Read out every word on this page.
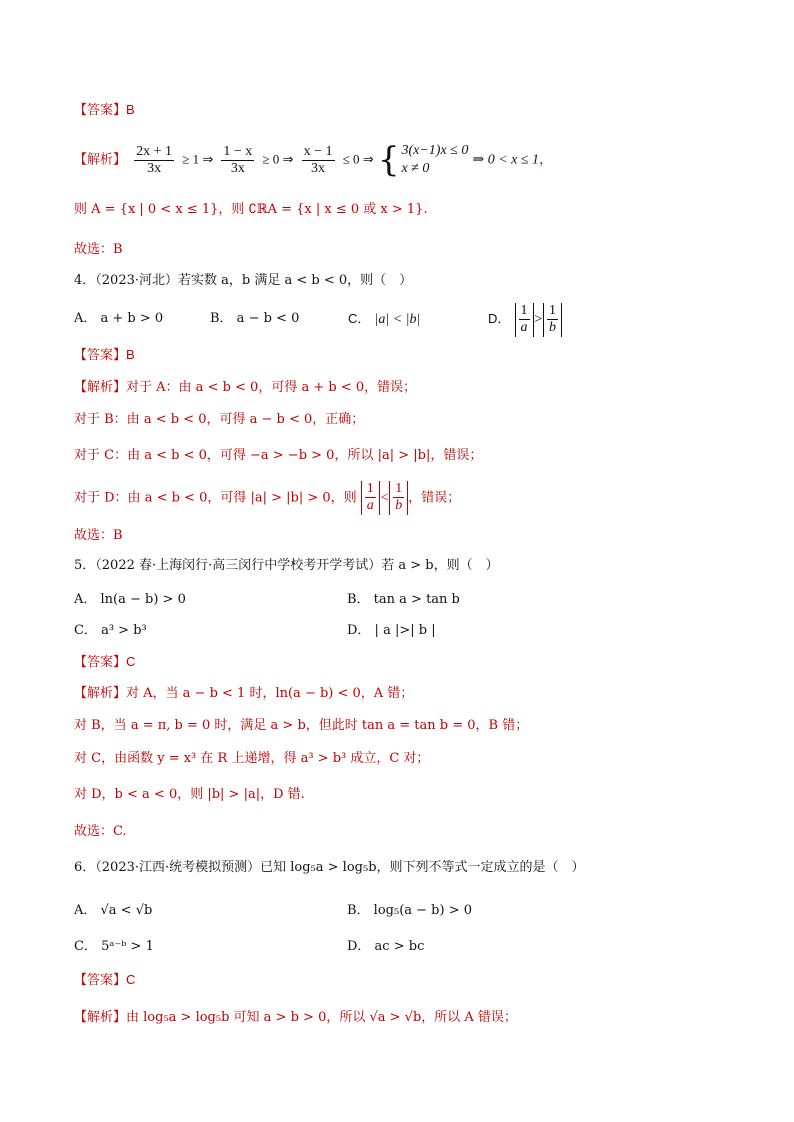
【答案】B
【解析】 $\frac{2x + 1}{3x} \ge 1$ ⇒ $\frac{1 - x}{3x} \ge 0$ ⇒ $\frac{x - 1}{3x} \le 0$ ⇒ { 3(x−1)x ≤ 0
x ≠ 0
⇒ 0 < x ≤ 1，
则 A = {x | 0 < x ≤ 1}，则 ∁ℝA = {x | x ≤ 0 或 x > 1}.
故选：B
4．（2023·河北）若实数 a，b 满足 a < b < 0，则（　）
A． a + b > 0	B． a − b < 0	C． |a| < |b|	D． $\frac{1}{a} > \frac{1}{b}$
【答案】B
【解析】对于 A：由 a < b < 0，可得 a + b < 0，错误；
对于 B：由 a < b < 0，可得 a − b < 0，正确；
对于 C：由 a < b < 0，可得 −a > −b > 0，所以 |a| > |b|，错误；
对于 D：由 a < b < 0，可得 |a| > |b| > 0，则 $\frac{1}{a} < \frac{1}{b}$ ，错误；
故选：B
5．（2022 春·上海闵行·高三闵行中学校考开学考试）若 a > b，则（　）
A． ln(a − b) > 0	B． tan a > tan b
C． a³ > b³	D． | a |>| b |
【答案】C
【解析】对 A，当 a − b < 1 时，ln(a − b) < 0，A 错；
对 B，当 a = π, b = 0 时，满足 a > b，但此时 tan a = tan b = 0，B 错；
对 C，由函数 y = x³ 在 R 上递增，得 a³ > b³ 成立，C 对；
对 D，b < a < 0，则 |b| > |a|，D 错.
故选：C.
6．（2023·江西·统考模拟预测）已知 log₅a > log₅b，则下列不等式一定成立的是（　）
A． √a < √b	B． log₅(a − b) > 0
C． 5ᵃ⁻ᵇ > 1	D． ac > bc
【答案】C
【解析】由 log₅a > log₅b 可知 a > b > 0，所以 √a > √b，所以 A 错误；
